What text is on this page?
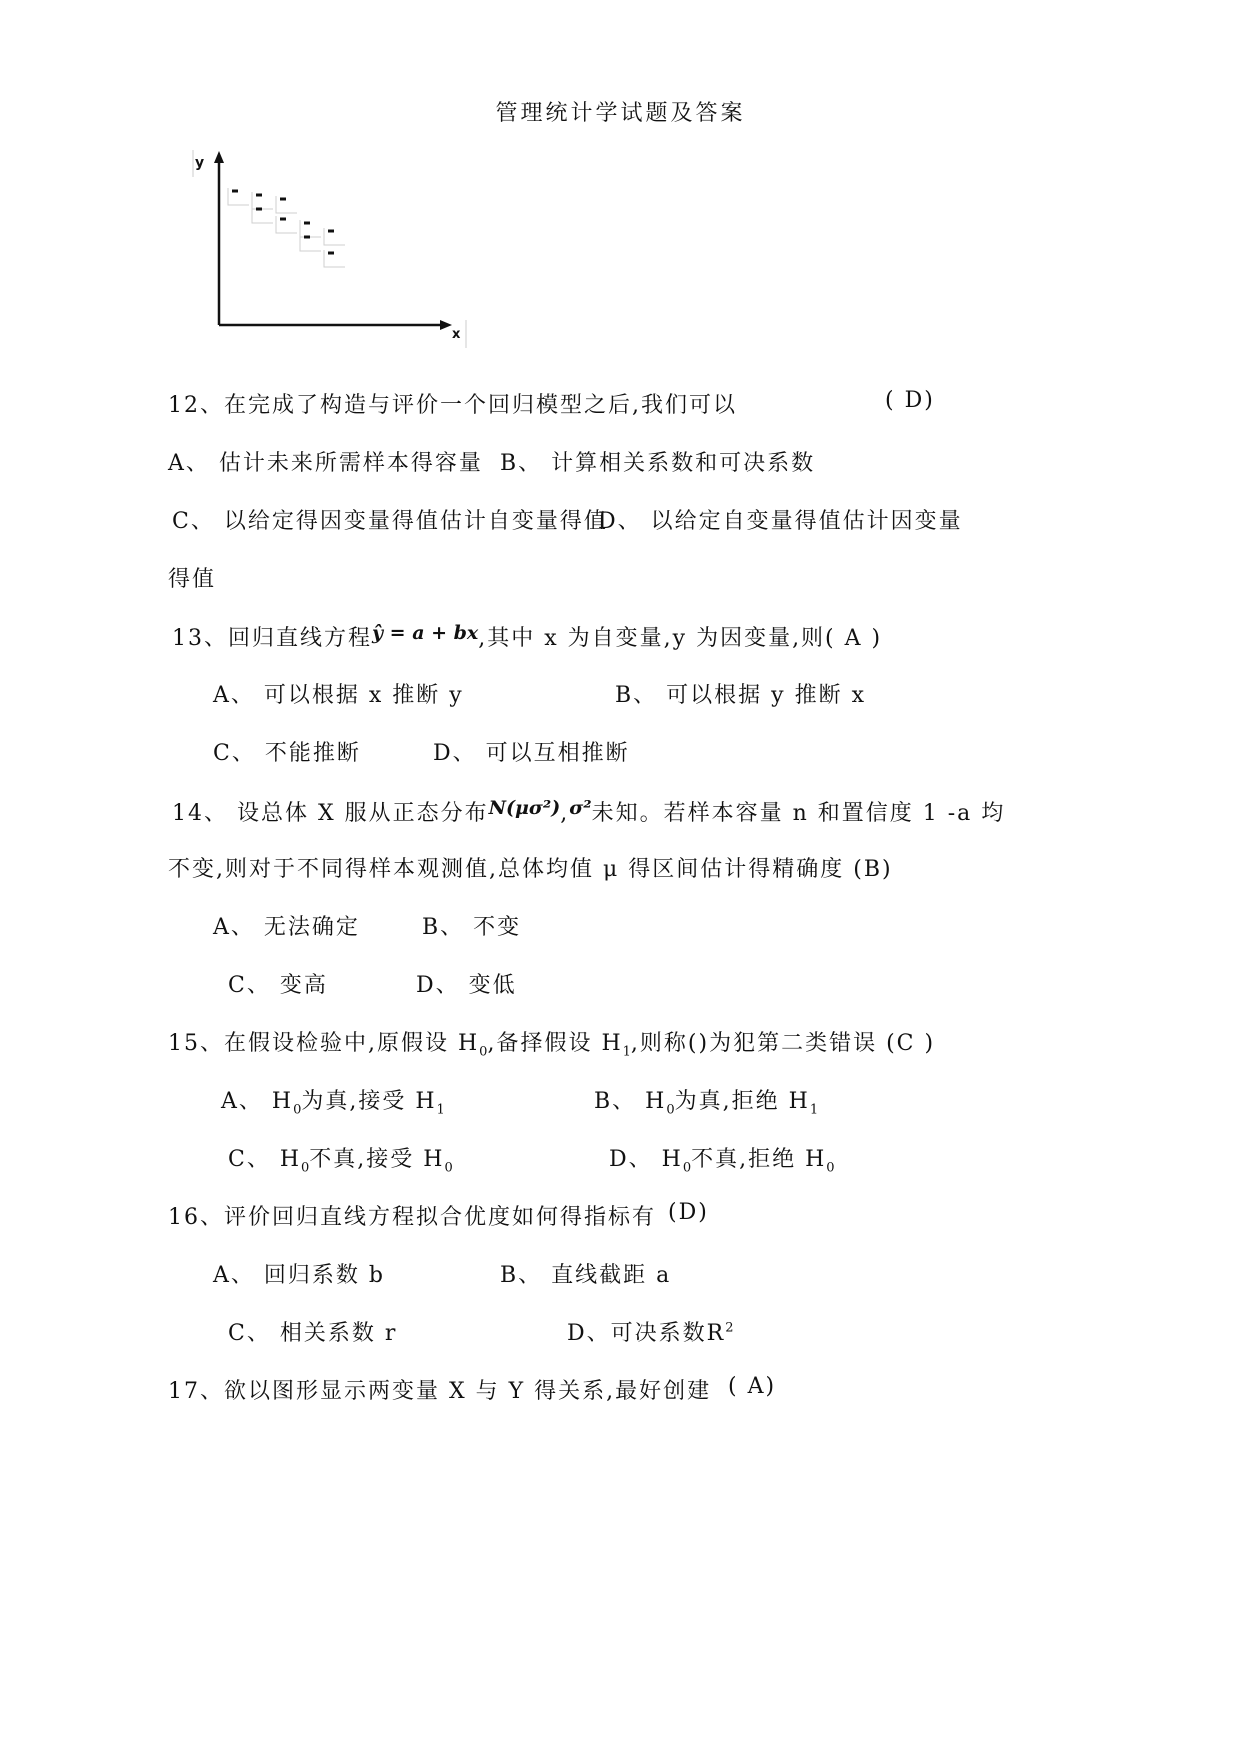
管理统计学试题及答案
y
x
12、在完成了构造与评价一个回归模型之后,我们可以	( D)
A、 估计未来所需样本得容量 B、 计算相关系数和可决系数
C、 以给定得因变量得值估计自变量得值
D、 以给定自变量得值估计因变量
得值
13、回归直线方程ŷ = a + bx,其中 x 为自变量,y 为因变量,则( A )
A、 可以根据 x 推断 y	B、 可以根据 y 推断 x
C、 不能推断	D、 可以互相推断
14、 设总体 X 服从正态分布N(μσ²),σ²未知。若样本容量 n 和置信度 1 -a 均
不变,则对于不同得样本观测值,总体均值 μ 得区间估计得精确度 (B)
A、 无法确定	B、 不变
C、 变高	D、 变低
15、在假设检验中,原假设 $H_0$,备择假设 $H_1$,则称()为犯第二类错误 (C )
A、 $H_0$为真,接受 $H_1$	B、 $H_0$为真,拒绝 $H_1$
C、 $H_0$不真,接受 $H_0$	D、 $H_0$不真,拒绝 $H_0$
16、评价回归直线方程拟合优度如何得指标有 (D)
A、 回归系数 b	B、 直线截距 a
C、 相关系数 r	D、可决系数$R^2$
17、欲以图形显示两变量 X 与 Y 得关系,最好创建 ( A)
